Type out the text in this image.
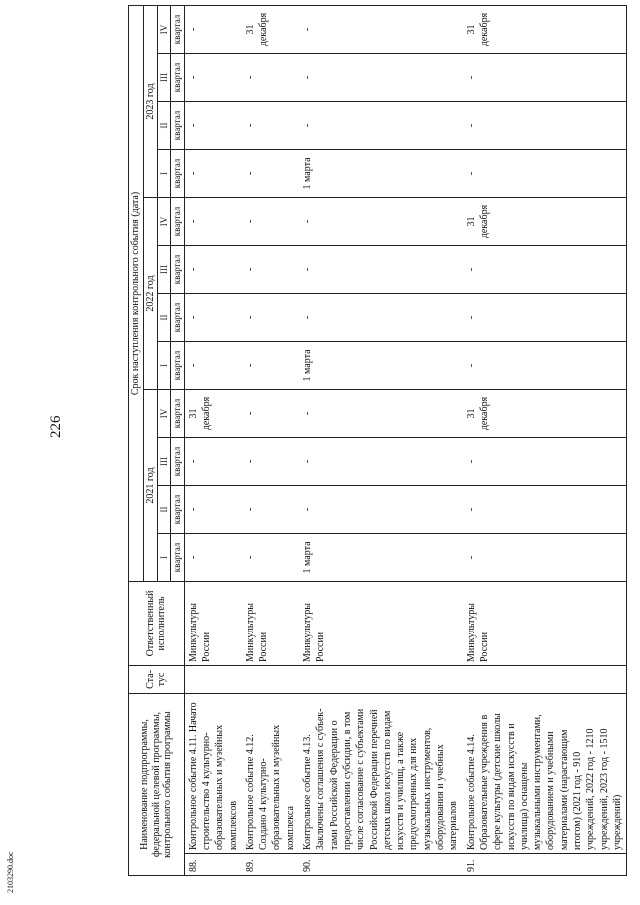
226
2103290.doc
Наименование подпрограммы, федеральной целевой программы, контрольного события программы		Ста-тус	Ответственный исполнитель	Срок наступления контрольного события (дата)											
				2021 год				2022 год				2023 год			
				I	II	III	IV	I	II	III	IV	I	II	III	IV
				квартал	квартал	квартал	квартал	квартал	квартал	квартал	квартал	квартал	квартал	квартал	квартал
88.	Контрольное событие 4.11. Начато строительство 4 культурно-образовательных и музейных комплексов		Минкультуры России	-	-	-	31 декабря	-	-	-	-	-	-	-	-
89.	Контрольное событие 4.12. Создано 4 культурно-образовательных и музейных комплекса		Минкультуры России	-	-	-	-	-	-	-	-	-	-	-	31 декабря
90.	Контрольное событие 4.13. Заключены соглашения с субъек-тами Российской Федерации о предоставлении субсидии, в том числе согласование с субъектами Российской Федерации перечней детских школ искусств по видам искусств и училищ, а также предусмотренных для них музыкальных инструментов, оборудования и учебных материалов		Минкультуры России	1 марта	-	-	-	1 марта	-	-	-	1 марта	-	-	-
91.	Контрольное событие 4.14. Образовательные учреждения в сфере культуры (детские школы искусств по видам искусств и училища) оснащены музыкальными инструментами, оборудованием и учебными материалами (нарастающим итогом) (2021 год - 910 учреждений, 2022 год - 1210 учреждений, 2023 год - 1510 учреждений)		Минкультуры России	-	-	-	31 декабря	-	-	-	31 декабря	-	-	-	31 декабря
